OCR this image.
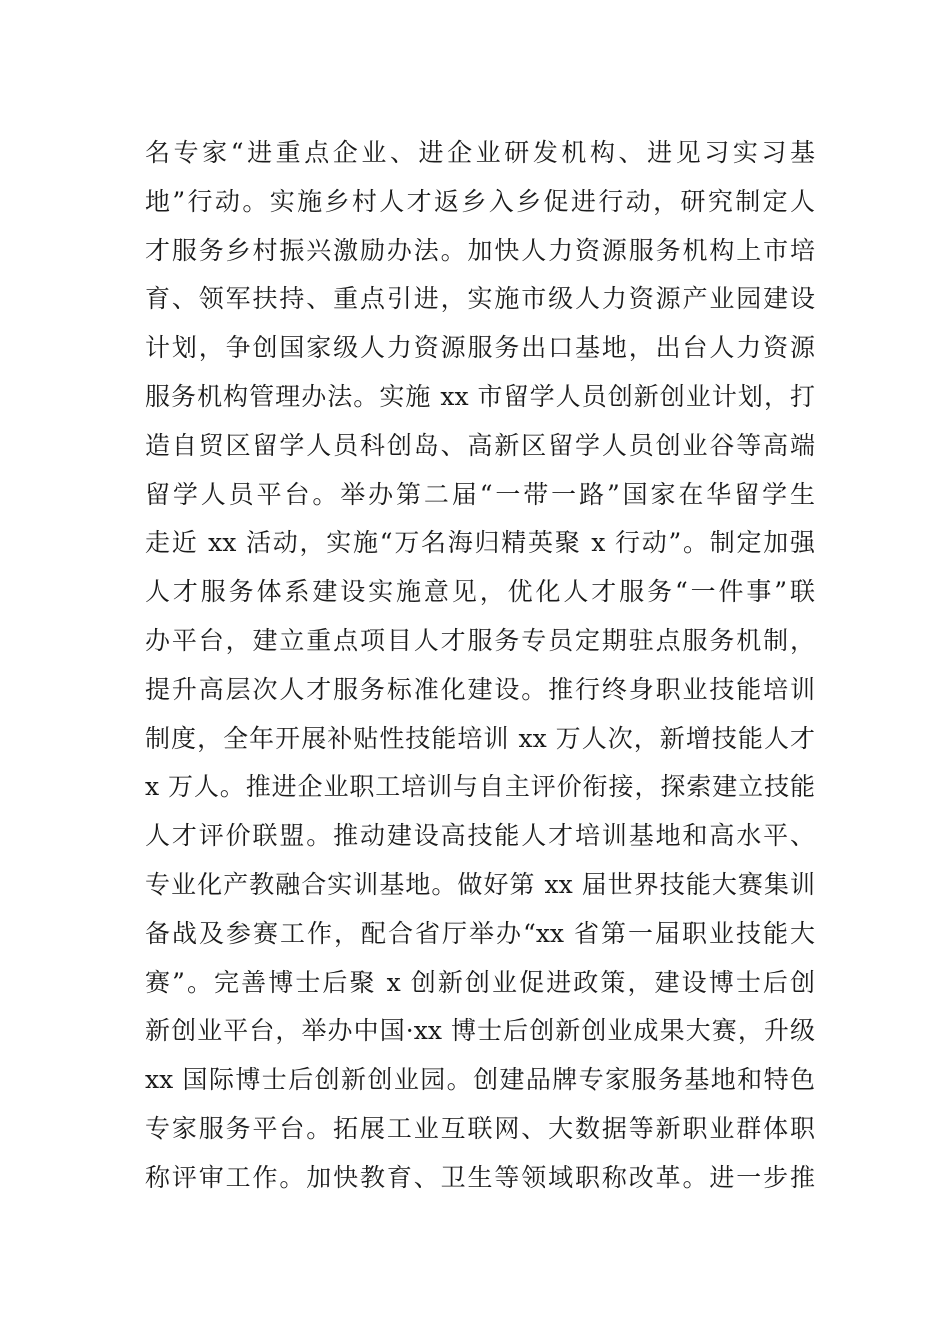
名专家“进重点企业、进企业研发机构、进见习实习基
地”行动。实施乡村人才返乡入乡促进行动，研究制定人
才服务乡村振兴激励办法。加快人力资源服务机构上市培
育、领军扶持、重点引进，实施市级人力资源产业园建设
计划，争创国家级人力资源服务出口基地，出台人力资源
服务机构管理办法。实施 xx 市留学人员创新创业计划，打
造自贸区留学人员科创岛、高新区留学人员创业谷等高端
留学人员平台。举办第二届“一带一路”国家在华留学生
走近 xx 活动，实施“万名海归精英聚 x 行动”。制定加强
人才服务体系建设实施意见，优化人才服务“一件事”联
办平台，建立重点项目人才服务专员定期驻点服务机制，
提升高层次人才服务标准化建设。推行终身职业技能培训
制度，全年开展补贴性技能培训 xx 万人次，新增技能人才
x 万人。推进企业职工培训与自主评价衔接，探索建立技能
人才评价联盟。推动建设高技能人才培训基地和高水平、
专业化产教融合实训基地。做好第 xx 届世界技能大赛集训
备战及参赛工作，配合省厅举办“xx 省第一届职业技能大
赛”。完善博士后聚 x 创新创业促进政策，建设博士后创
新创业平台，举办中国·xx 博士后创新创业成果大赛，升级
xx 国际博士后创新创业园。创建品牌专家服务基地和特色
专家服务平台。拓展工业互联网、大数据等新职业群体职
称评审工作。加快教育、卫生等领域职称改革。进一步推
